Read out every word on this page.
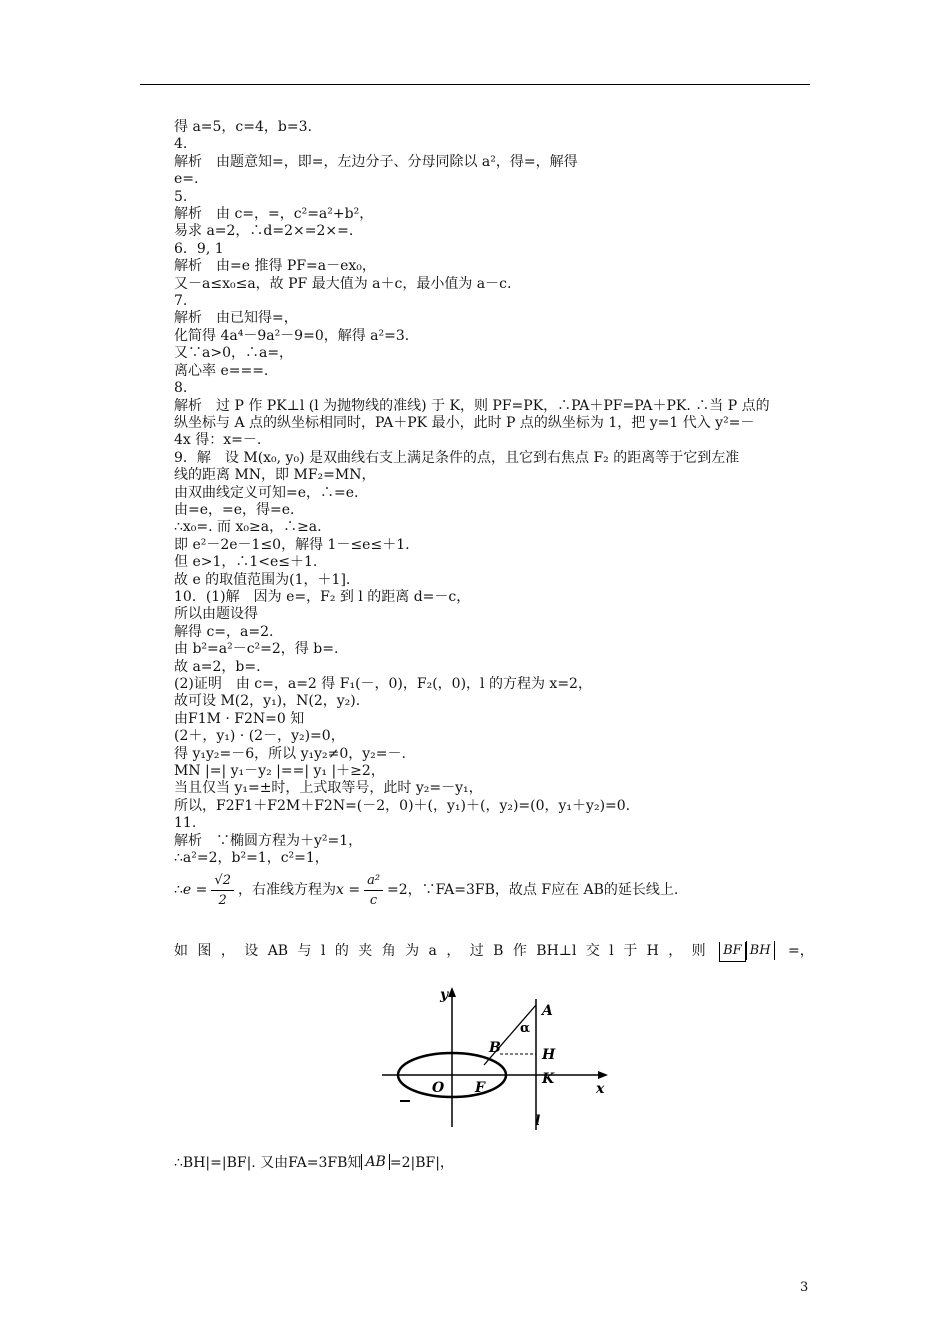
得 a=5，c=4，b=3.
4.
解析　由题意知=，即=，左边分子、分母同除以 a²，得=，解得
e=.
5.
解析　由 c=，=，c²=a²+b²，
易求 a=2，∴d=2×=2×=.
6．9, 1
解析　由=e 推得 PF=a－ex₀，
又－a≤x₀≤a，故 PF 最大值为 a＋c，最小值为 a－c.
7.
解析　由已知得=，
化简得 4a⁴－9a²－9=0，解得 a²=3.
又∵a>0，∴a=，
离心率 e===.
8.
解析　过 P 作 PK⊥l (l 为抛物线的准线) 于 K，则 PF=PK，∴PA＋PF=PA＋PK. ∴当 P 点的
纵坐标与 A 点的纵坐标相同时，PA＋PK 最小，此时 P 点的纵坐标为 1，把 y=1 代入 y²=－
4x 得：x=－.
9．解　设 M(x₀, y₀) 是双曲线右支上满足条件的点，且它到右焦点 F₂ 的距离等于它到左准
线的距离 MN，即 MF₂=MN，
由双曲线定义可知=e，∴=e.
由=e，=e，得=e.
∴x₀=. 而 x₀≥a，∴≥a.
即 e²－2e－1≤0，解得 1－≤e≤＋1.
但 e>1，∴1<e≤＋1.
故 e 的取值范围为(1，＋1].
10．(1)解　因为 e=，F₂ 到 l 的距离 d=－c，
所以由题设得
解得 c=，a=2.
由 b²=a²－c²=2，得 b=.
故 a=2，b=.
(2)证明　由 c=，a=2 得 F₁(－，0)，F₂(，0)，l 的方程为 x=2，
故可设 M(2，y₁)，N(2，y₂).
由F1M · F2N=0 知
(2＋，y₁) · (2－，y₂)=0，
得 y₁y₂=－6，所以 y₁y₂≠0，y₂=－.
MN |=| y₁－y₂ |==| y₁ |＋≥2，
当且仅当 y₁=±时，上式取等号，此时 y₂=－y₁，
所以，F2F1＋F2M＋F2N=(－2，0)＋(，y₁)＋(，y₂)=(0，y₁＋y₂)=0.
11.
解析　∵椭圆方程为＋y²=1，
∴a²=2，b²=1，c²=1，
∴ $e = \frac{√2}{2}$ ，右准线方程为 $x = \frac{\text{a²}}{c} =2$，∵FA=3FB，故点 F应在 AB的延长线上.
如 图 ， 设 AB 与 l 的 夹 角 为 a ， 过 B 作 BH⊥l 交 l 于 H ， 则	BF BH =，
y
x
O F
B
A
H
K
l
α
∴BH|=|BF|. 又由FA=3FB知 AB =2|BF|，
3
